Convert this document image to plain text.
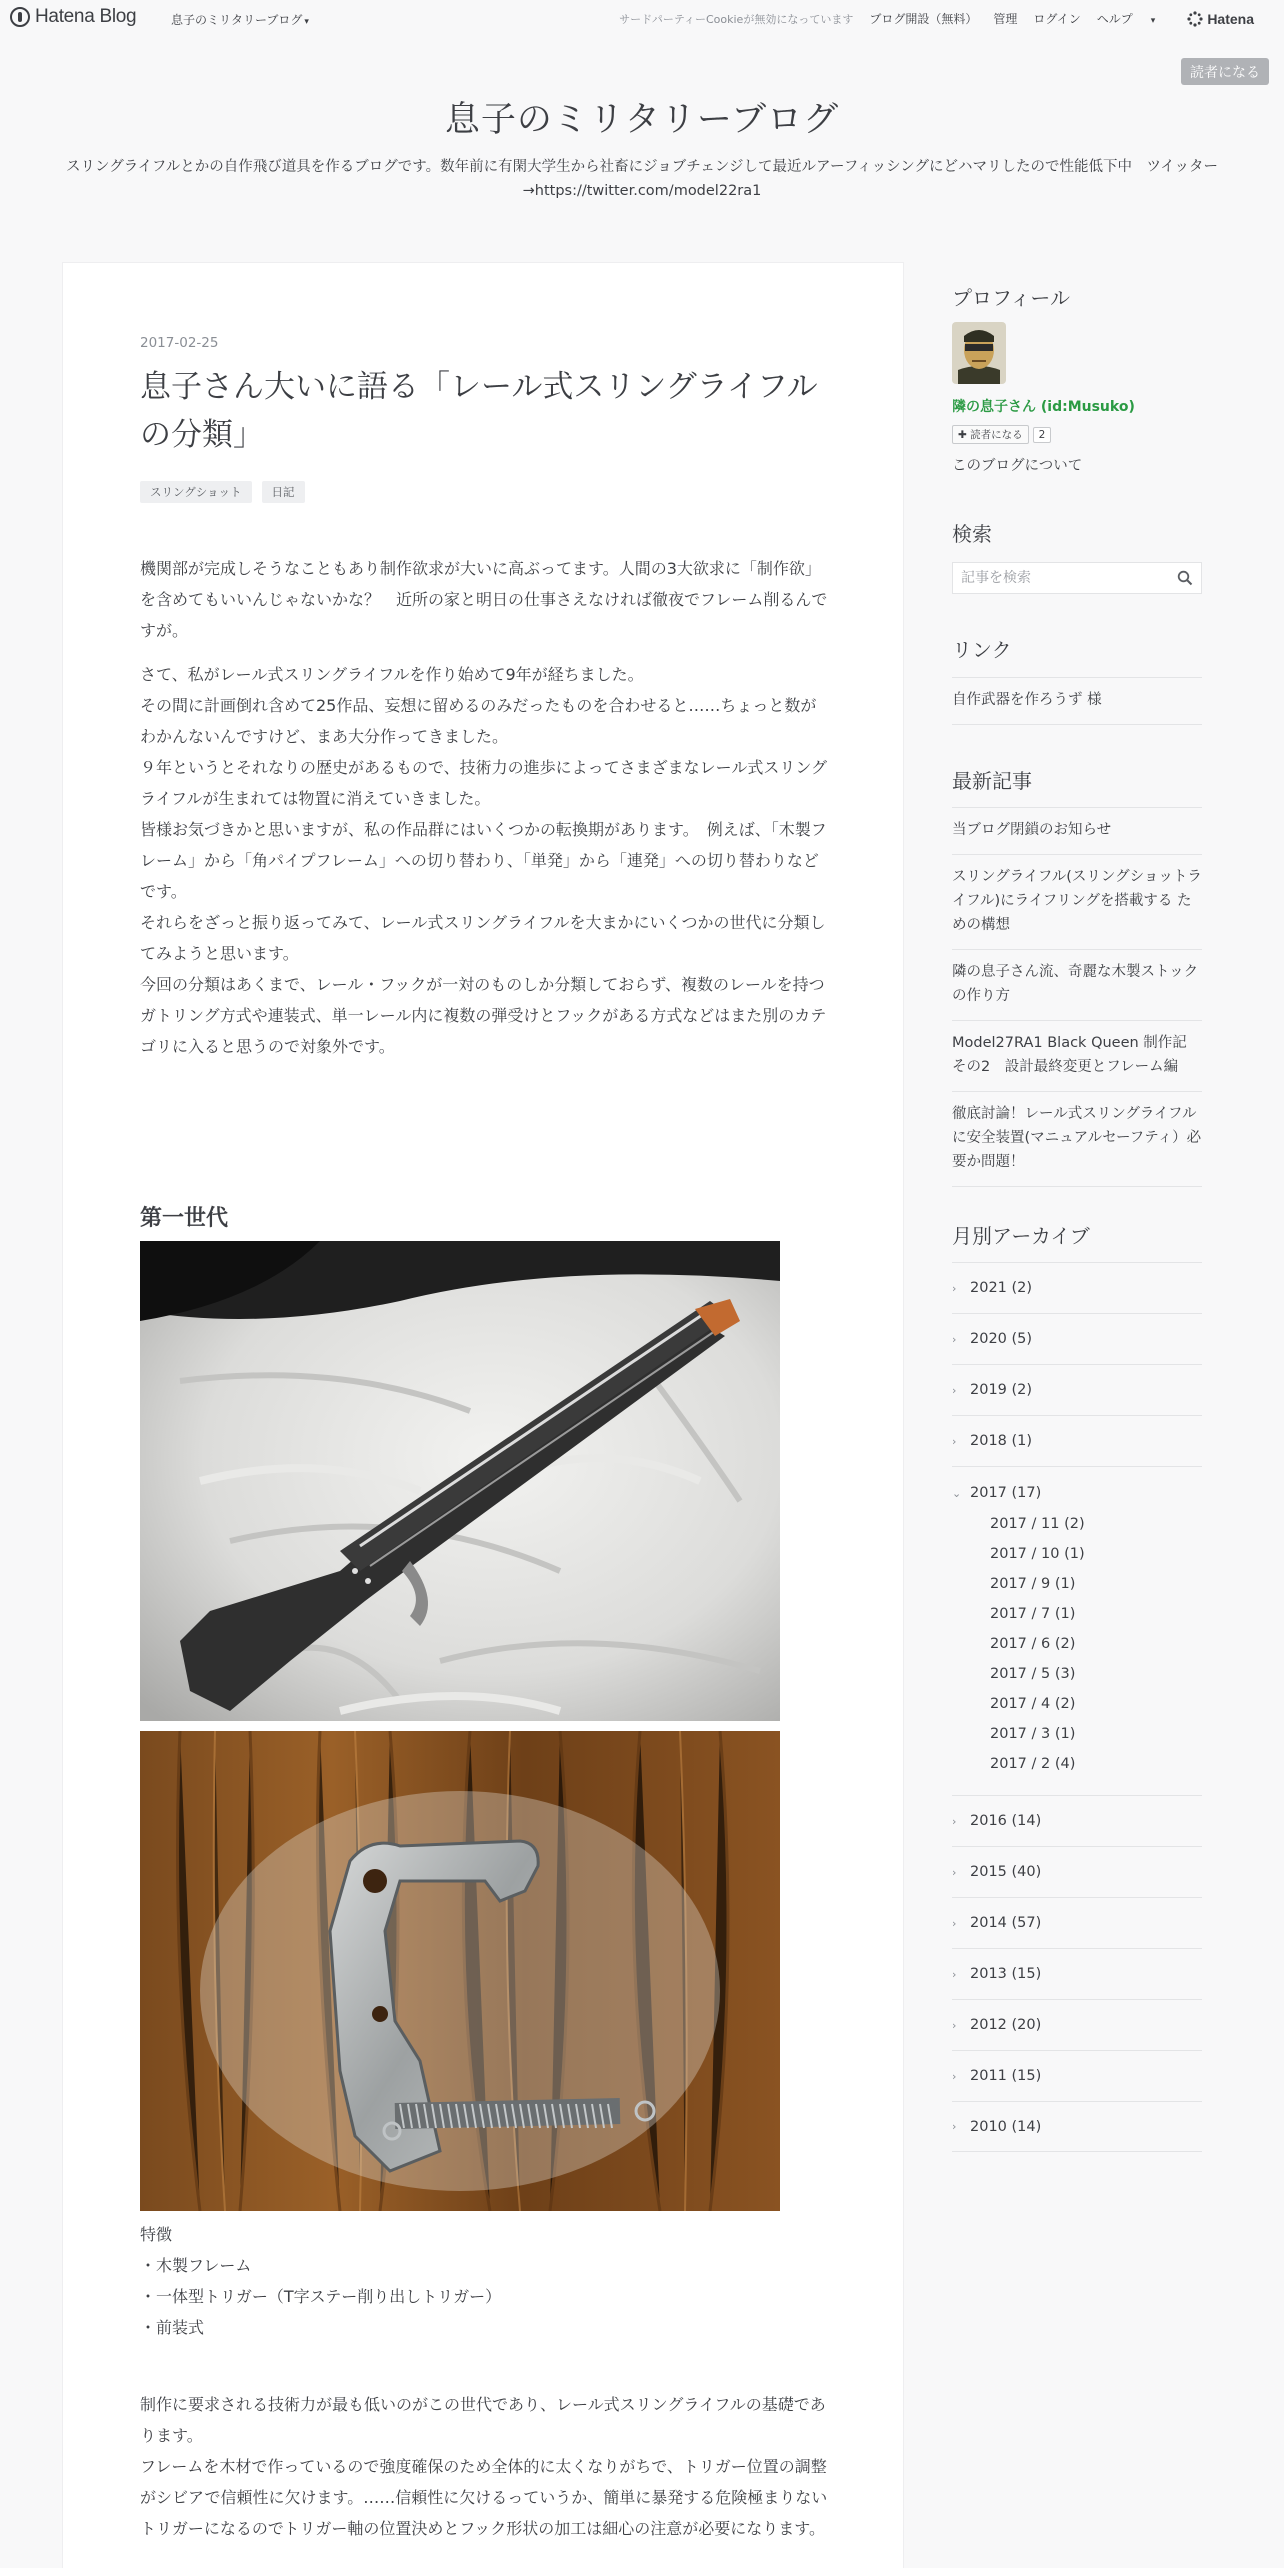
Hatena Blog	息子のミリタリーブログ ▾	サードパーティーCookieが無効になっています ブログ開設（無料） 管理 ログイン ヘルプ ▾	Hatena
読者になる
息子のミリタリーブログ
スリングライフルとかの自作飛び道具を作るブログです。数年前に有閑大学生から社畜にジョブチェンジして最近ルアーフィッシングにどハマリしたので性能低下中　ツイッター→https://twitter.com/model22ra1
2017-02-25
息子さん大いに語る「レール式スリングライフルの分類」
スリングショット	日記

機関部が完成しそうなこともあり制作欲求が大いに高ぶってます。人間の3大欲求に「制作欲」を含めてもいいんじゃないかな？　近所の家と明日の仕事さえなければ徹夜でフレーム削るんですが。

さて、私がレール式スリングライフルを作り始めて9年が経ちました。

その間に計画倒れ含めて25作品、妄想に留めるのみだったものを合わせると……ちょっと数がわかんないんですけど、まあ大分作ってきました。

９年というとそれなりの歴史があるもので、技術力の進歩によってさまざまなレール式スリングライフルが生まれては物置に消えていきました。

皆様お気づきかと思いますが、私の作品群にはいくつかの転換期があります。　例えば、「木製フレーム」から「角パイプフレーム」への切り替わり、「単発」から「連発」への切り替わりなどです。

それらをざっと振り返ってみて、レール式スリングライフルを大まかにいくつかの世代に分類してみようと思います。

今回の分類はあくまで、レール・フックが一対のものしか分類しておらず、複数のレールを持つガトリング方式や連装式、単一レール内に複数の弾受けとフックがある方式などはまた別のカテゴリに入ると思うので対象外です。

第一世代

特徴

・木製フレーム

・一体型トリガー（T字ステー削り出しトリガー）

・前装式

制作に要求される技術力が最も低いのがこの世代であり、レール式スリングライフルの基礎であります。

フレームを木材で作っているので強度確保のため全体的に太くなりがちで、トリガー位置の調整がシビアで信頼性に欠けます。……信頼性に欠けるっていうか、簡単に暴発する危険極まりないトリガーになるのでトリガー軸の位置決めとフック形状の加工は細心の注意が必要になります。

プロフィール
隣の息子さん (id:Musuko)
✚ 読者になる	2
このブログについて
検索
記事を検索
リンク
自作武器を作ろうず 様
最新記事
当ブログ閉鎖のお知らせ
スリングライフル(スリングショットライフル)にライフリングを搭載する ための構想
隣の息子さん流、奇麗な木製ストックの作り方
Model27RA1 Black Queen 制作記 その2　設計最終変更とフレーム編
徹底討論！レール式スリングライフルに安全装置(マニュアルセーフティ）必要か問題！
月別アーカイブ
› 2021 (2)
› 2020 (5)
› 2019 (2)
› 2018 (1)
⌄ 2017 (17)
2017 / 11 (2)
2017 / 10 (1)
2017 / 9 (1)
2017 / 7 (1)
2017 / 6 (2)
2017 / 5 (3)
2017 / 4 (2)
2017 / 3 (1)
2017 / 2 (4)
› 2016 (14)
› 2015 (40)
› 2014 (57)
› 2013 (15)
› 2012 (20)
› 2011 (15)
› 2010 (14)
